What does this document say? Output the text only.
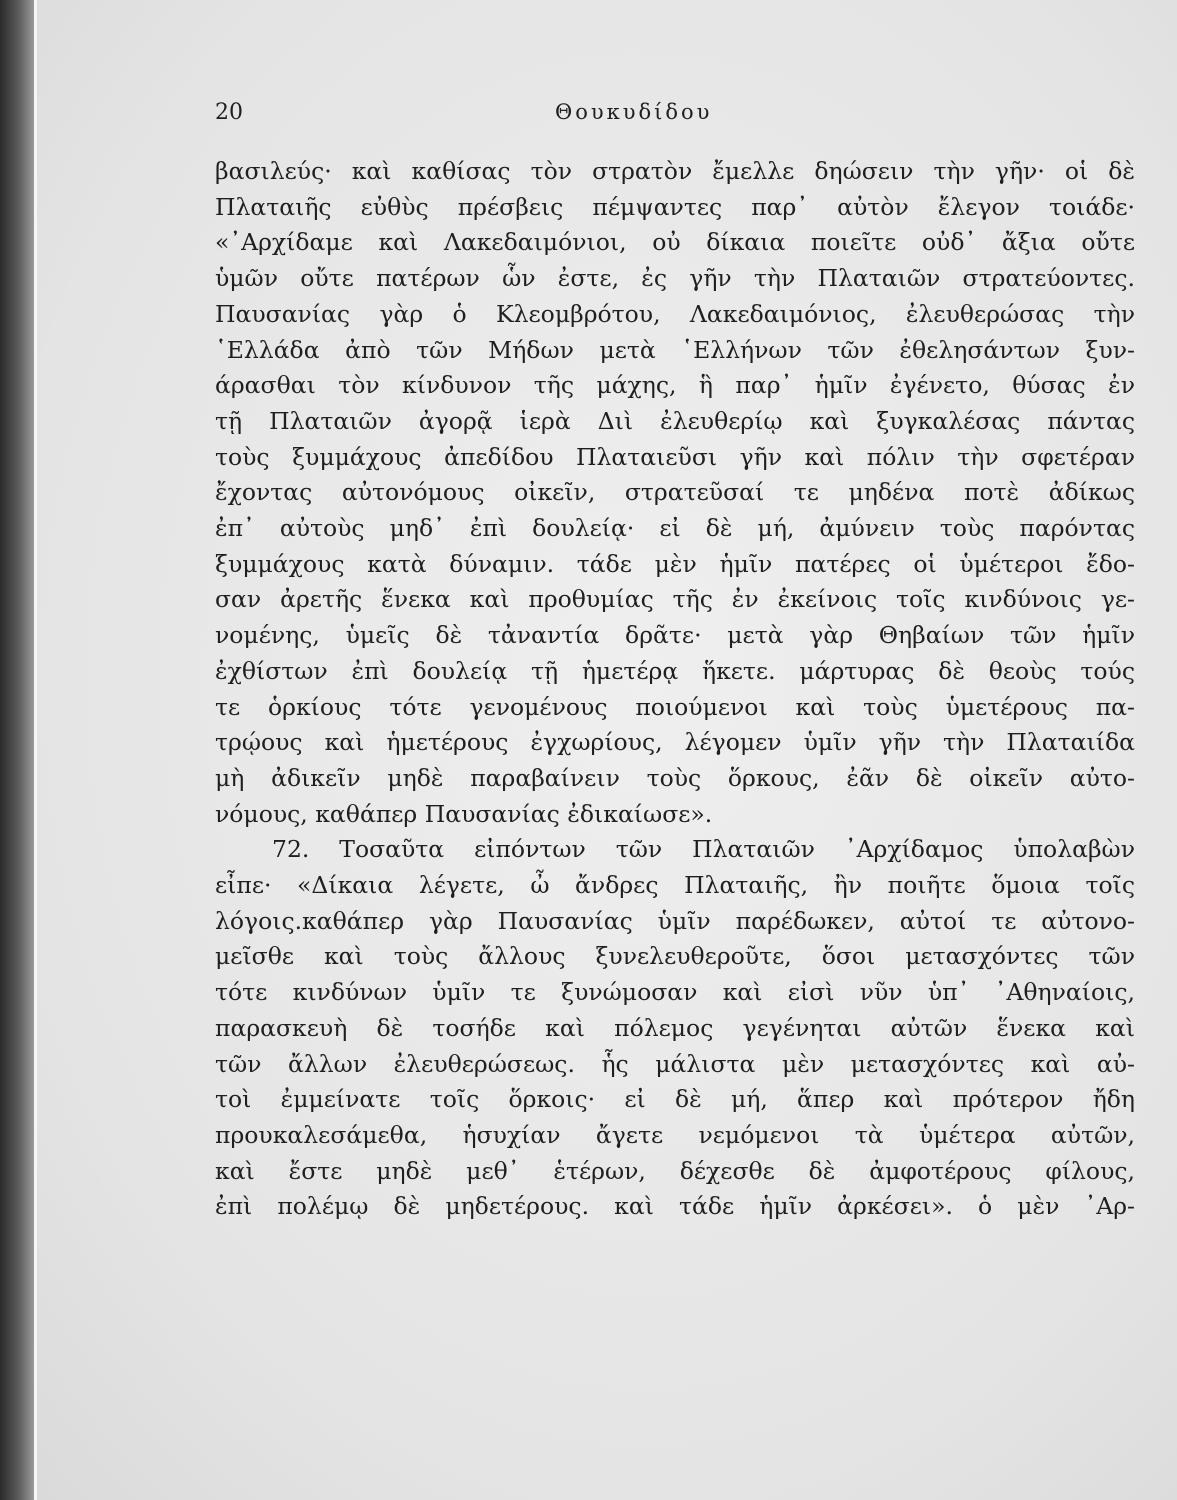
20	Θουκυδίδου
βασιλεύς· καὶ καθίσας τὸν στρατὸν ἔμελλε δηώσειν τὴν γῆν· οἱ δὲ
Πλαταιῆς εὐθὺς πρέσβεις πέμψαντες παρ᾽ αὐτὸν ἔλεγον τοιάδε·
«᾽Αρχίδαμε καὶ Λακεδαιμόνιοι, οὐ δίκαια ποιεῖτε οὐδ᾽ ἄξια οὔτε
ὑμῶν οὔτε πατέρων ὧν ἐστε, ἐς γῆν τὴν Πλαταιῶν στρατεύοντες.
Παυσανίας γὰρ ὁ Κλεομβρότου, Λακεδαιμόνιος, ἐλευθερώσας τὴν
῾Ελλάδα ἀπὸ τῶν Μήδων μετὰ ῾Ελλήνων τῶν ἐθελησάντων ξυν-
άρασθαι τὸν κίνδυνον τῆς μάχης, ἣ παρ᾽ ἡμῖν ἐγένετο, θύσας ἐν
τῇ Πλαταιῶν ἀγορᾷ ἱερὰ Διὶ ἐλευθερίῳ καὶ ξυγκαλέσας πάντας
τοὺς ξυμμάχους ἀπεδίδου Πλαταιεῦσι γῆν καὶ πόλιν τὴν σφετέραν
ἔχοντας αὐτονόμους οἰκεῖν, στρατεῦσαί τε μηδένα ποτὲ ἀδίκως
ἐπ᾽ αὐτοὺς μηδ᾽ ἐπὶ δουλείᾳ· εἰ δὲ μή, ἀμύνειν τοὺς παρόντας
ξυμμάχους κατὰ δύναμιν. τάδε μὲν ἡμῖν πατέρες οἱ ὑμέτεροι ἔδο-
σαν ἀρετῆς ἕνεκα καὶ προθυμίας τῆς ἐν ἐκείνοις τοῖς κινδύνοις γε-
νομένης, ὑμεῖς δὲ τἀναντία δρᾶτε· μετὰ γὰρ Θηβαίων τῶν ἡμῖν
ἐχθίστων ἐπὶ δουλείᾳ τῇ ἡμετέρᾳ ἥκετε. μάρτυρας δὲ θεοὺς τούς
τε ὁρκίους τότε γενομένους ποιούμενοι καὶ τοὺς ὑμετέρους πα-
τρῴους καὶ ἡμετέρους ἐγχωρίους, λέγομεν ὑμῖν γῆν τὴν Πλαταιίδα
μὴ ἀδικεῖν μηδὲ παραβαίνειν τοὺς ὅρκους, ἐᾶν δὲ οἰκεῖν αὐτο-
νόμους, καθάπερ Παυσανίας ἐδικαίωσε».
72. Τοσαῦτα εἰπόντων τῶν Πλαταιῶν ᾽Αρχίδαμος ὑπολαβὼν
εἶπε· «Δίκαια λέγετε, ὦ ἄνδρες Πλαταιῆς, ἢν ποιῆτε ὅμοια τοῖς
λόγοις.καθάπερ γὰρ Παυσανίας ὑμῖν παρέδωκεν, αὐτοί τε αὐτονο-
μεῖσθε καὶ τοὺς ἄλλους ξυνελευθεροῦτε, ὅσοι μετασχόντες τῶν
τότε κινδύνων ὑμῖν τε ξυνώμοσαν καὶ εἰσὶ νῦν ὑπ᾽ ᾽Αθηναίοις,
παρασκευὴ δὲ τοσήδε καὶ πόλεμος γεγένηται αὐτῶν ἕνεκα καὶ
τῶν ἄλλων ἐλευθερώσεως. ἧς μάλιστα μὲν μετασχόντες καὶ αὐ-
τοὶ ἐμμείνατε τοῖς ὅρκοις· εἰ δὲ μή, ἅπερ καὶ πρότερον ἤδη
προυκαλεσάμεθα, ἡσυχίαν ἄγετε νεμόμενοι τὰ ὑμέτερα αὐτῶν,
καὶ ἔστε μηδὲ μεθ᾽ ἑτέρων, δέχεσθε δὲ ἀμφοτέρους φίλους,
ἐπὶ πολέμῳ δὲ μηδετέρους. καὶ τάδε ἡμῖν ἀρκέσει». ὁ μὲν ᾽Αρ-
